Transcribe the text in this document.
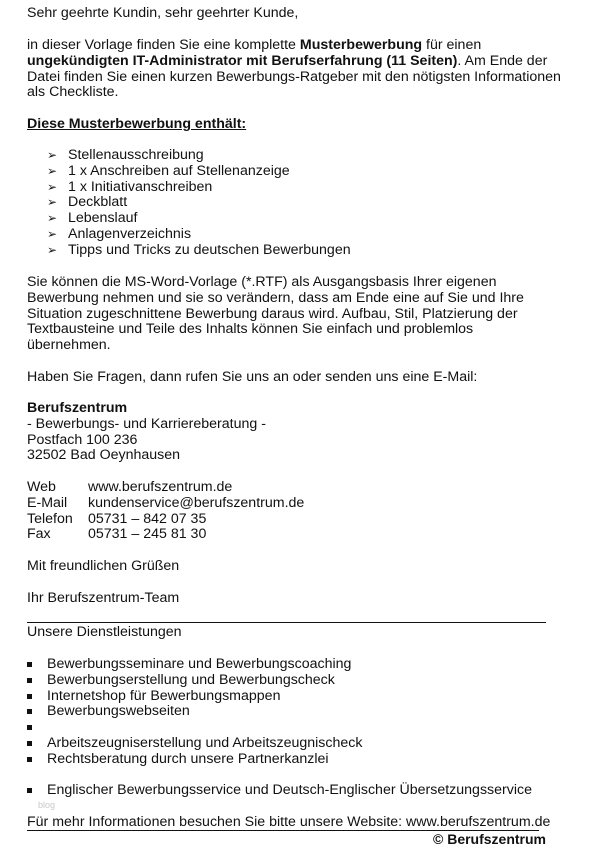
Sehr geehrte Kundin, sehr geehrter Kunde,
in dieser Vorlage finden Sie eine komplette Musterbewerbung für einen
ungekündigten IT-Administrator mit Berufserfahrung (11 Seiten). Am Ende der
Datei finden Sie einen kurzen Bewerbungs-Ratgeber mit den nötigsten Informationen
als Checkliste.
Diese Musterbewerbung enthält:
➢ Stellenausschreibung
➢ 1 x Anschreiben auf Stellenanzeige
➢ 1 x Initiativanschreiben
➢ Deckblatt
➢ Lebenslauf
➢ Anlagenverzeichnis
➢ Tipps und Tricks zu deutschen Bewerbungen
Sie können die MS-Word-Vorlage (*.RTF) als Ausgangsbasis Ihrer eigenen
Bewerbung nehmen und sie so verändern, dass am Ende eine auf Sie und Ihre
Situation zugeschnittene Bewerbung daraus wird. Aufbau, Stil, Platzierung der
Textbausteine und Teile des Inhalts können Sie einfach und problemlos
übernehmen.
Haben Sie Fragen, dann rufen Sie uns an oder senden uns eine E-Mail:
Berufszentrum
- Bewerbungs- und Karriereberatung -
Postfach 100 236
32502 Bad Oeynhausen
Web	www.berufszentrum.de
E-Mail	kundenservice@berufszentrum.de
Telefon	05731 – 842 07 35
Fax	05731 – 245 81 30
Mit freundlichen Grüßen
Ihr Berufszentrum-Team
Unsere Dienstleistungen
Bewerbungsseminare und Bewerbungscoaching
Bewerbungserstellung und Bewerbungscheck
Internetshop für Bewerbungsmappen
Bewerbungswebseiten
Arbeitszeugniserstellung und Arbeitszeugnischeck
Rechtsberatung durch unsere Partnerkanzlei
Englischer Bewerbungsservice und Deutsch-Englischer Übersetzungsservice
blog
Für mehr Informationen besuchen Sie bitte unsere Website: www.berufszentrum.de
© Berufszentrum
